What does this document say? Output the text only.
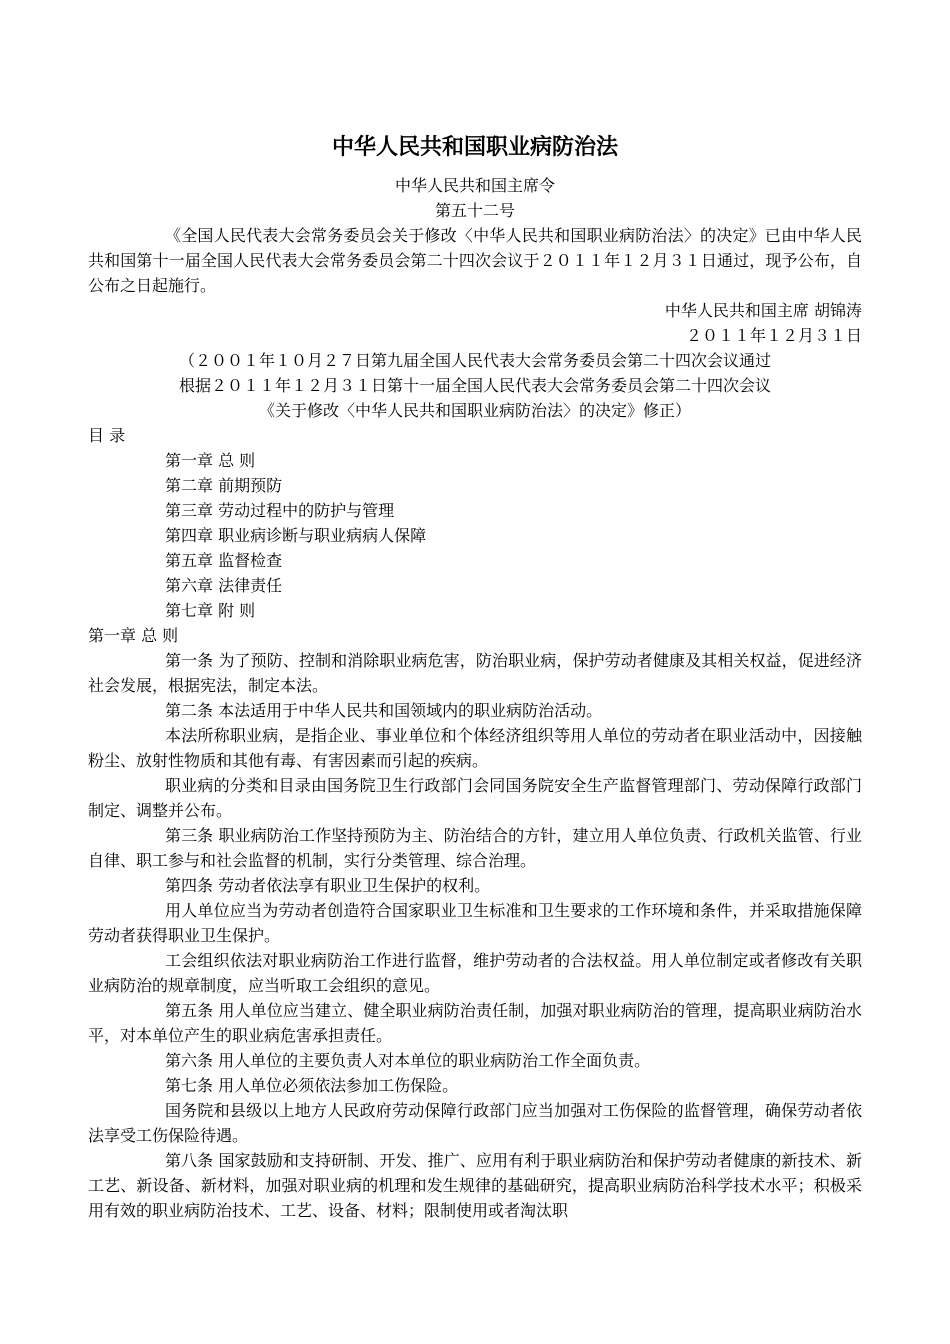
中华人民共和国职业病防治法
中华人民共和国主席令
第五十二号

《全国人民代表大会常务委员会关于修改〈中华人民共和国职业病防治法〉的决定》已由中华人民共和国第十一届全国人民代表大会常务委员会第二十四次会议于２０１１年１２月３１日通过，现予公布，自公布之日起施行。

中华人民共和国主席 胡锦涛
２０１１年１２月３１日
（２００１年１０月２７日第九届全国人民代表大会常务委员会第二十四次会议通过
根据２０１１年１２月３１日第十一届全国人民代表大会常务委员会第二十四次会议
《关于修改〈中华人民共和国职业病防治法〉的决定》修正）
目 录
第一章 总 则
第二章 前期预防
第三章 劳动过程中的防护与管理
第四章 职业病诊断与职业病病人保障
第五章 监督检查
第六章 法律责任
第七章 附 则
第一章 总 则

第一条 为了预防、控制和消除职业病危害，防治职业病，保护劳动者健康及其相关权益，促进经济社会发展，根据宪法，制定本法。

第二条 本法适用于中华人民共和国领域内的职业病防治活动。

本法所称职业病，是指企业、事业单位和个体经济组织等用人单位的劳动者在职业活动中，因接触粉尘、放射性物质和其他有毒、有害因素而引起的疾病。

职业病的分类和目录由国务院卫生行政部门会同国务院安全生产监督管理部门、劳动保障行政部门制定、调整并公布。

第三条 职业病防治工作坚持预防为主、防治结合的方针，建立用人单位负责、行政机关监管、行业自律、职工参与和社会监督的机制，实行分类管理、综合治理。

第四条 劳动者依法享有职业卫生保护的权利。

用人单位应当为劳动者创造符合国家职业卫生标准和卫生要求的工作环境和条件，并采取措施保障劳动者获得职业卫生保护。

工会组织依法对职业病防治工作进行监督，维护劳动者的合法权益。用人单位制定或者修改有关职业病防治的规章制度，应当听取工会组织的意见。

第五条 用人单位应当建立、健全职业病防治责任制，加强对职业病防治的管理，提高职业病防治水平，对本单位产生的职业病危害承担责任。

第六条 用人单位的主要负责人对本单位的职业病防治工作全面负责。

第七条 用人单位必须依法参加工伤保险。

国务院和县级以上地方人民政府劳动保障行政部门应当加强对工伤保险的监督管理，确保劳动者依法享受工伤保险待遇。

第八条 国家鼓励和支持研制、开发、推广、应用有利于职业病防治和保护劳动者健康的新技术、新工艺、新设备、新材料，加强对职业病的机理和发生规律的基础研究，提高职业病防治科学技术水平；积极采用有效的职业病防治技术、工艺、设备、材料；限制使用或者淘汰职
